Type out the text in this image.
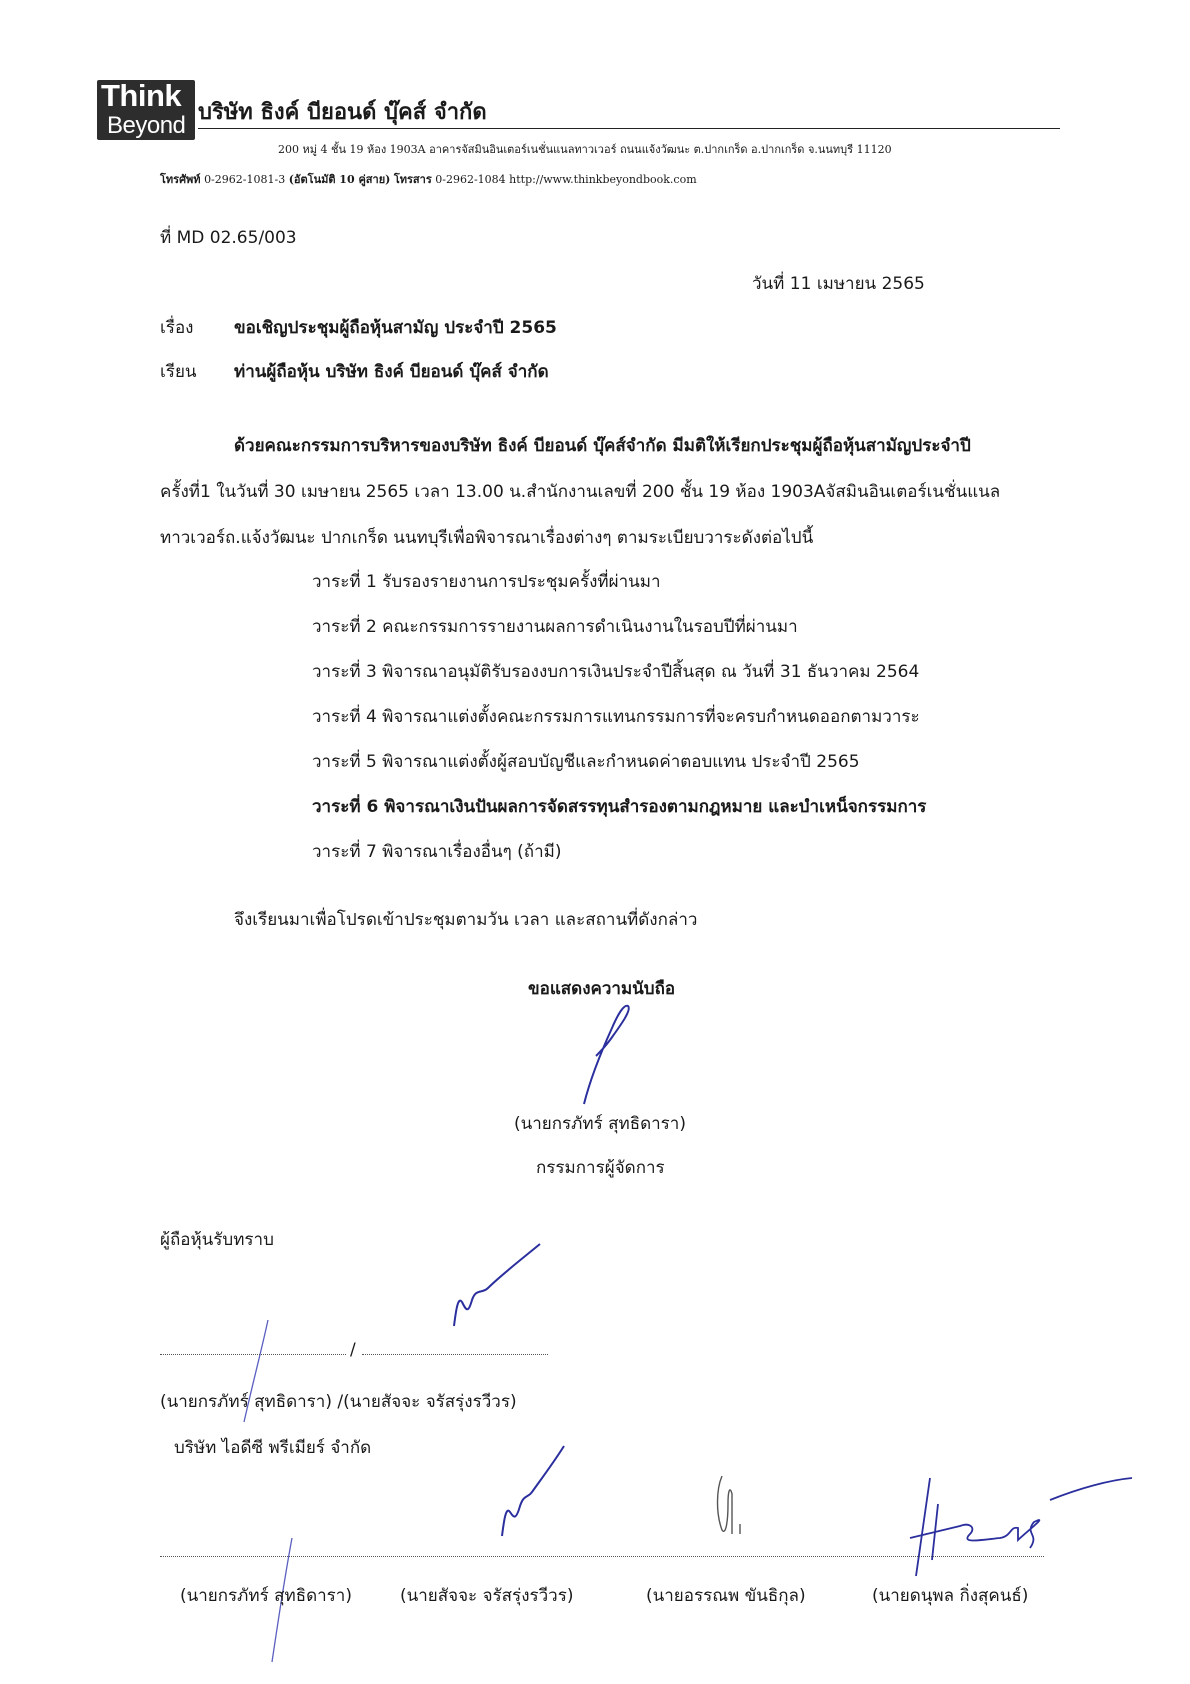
Think
Beyond บริษัท ธิงค์ บียอนด์ บุ๊คส์ จำกัด
200 หมู่ 4 ชั้น 19 ห้อง 1903A อาคารจัสมินอินเตอร์เนชั่นแนลทาวเวอร์ ถนนแจ้งวัฒนะ ต.ปากเกร็ด อ.ปากเกร็ด จ.นนทบุรี 11120
โทรศัพท์ 0-2962-1081-3 (อัตโนมัติ 10 คู่สาย) โทรสาร 0-2962-1084 http://www.thinkbeyondbook.com
ที่ MD 02.65/003
วันที่ 11 เมษายน 2565
เรื่อง ขอเชิญประชุมผู้ถือหุ้นสามัญ ประจำปี 2565
เรียน ท่านผู้ถือหุ้น บริษัท ธิงค์ บียอนด์ บุ๊คส์ จำกัด
ด้วยคณะกรรมการบริหารของบริษัท ธิงค์ บียอนด์ บุ๊คส์จำกัด มีมติให้เรียกประชุมผู้ถือหุ้นสามัญประจำปี
ครั้งที่1 ในวันที่ 30 เมษายน 2565 เวลา 13.00 น.สำนักงานเลขที่ 200 ชั้น 19 ห้อง 1903Aจัสมินอินเตอร์เนชั่นแนล
ทาวเวอร์ถ.แจ้งวัฒนะ ปากเกร็ด นนทบุรีเพื่อพิจารณาเรื่องต่างๆ ตามระเบียบวาระดังต่อไปนี้
วาระที่ 1 รับรองรายงานการประชุมครั้งที่ผ่านมา
วาระที่ 2 คณะกรรมการรายงานผลการดำเนินงานในรอบปีที่ผ่านมา
วาระที่ 3 พิจารณาอนุมัติรับรองงบการเงินประจำปีสิ้นสุด ณ วันที่ 31 ธันวาคม 2564
วาระที่ 4 พิจารณาแต่งตั้งคณะกรรมการแทนกรรมการที่จะครบกำหนดออกตามวาระ
วาระที่ 5 พิจารณาแต่งตั้งผู้สอบบัญชีและกำหนดค่าตอบแทน ประจำปี 2565
วาระที่ 6 พิจารณาเงินปันผลการจัดสรรทุนสำรองตามกฎหมาย และบำเหน็จกรรมการ
วาระที่ 7 พิจารณาเรื่องอื่นๆ (ถ้ามี)
จึงเรียนมาเพื่อโปรดเข้าประชุมตามวัน เวลา และสถานที่ดังกล่าว
ขอแสดงความนับถือ
(นายกรภัทร์ สุทธิดารา)
กรรมการผู้จัดการ
ผู้ถือหุ้นรับทราบ
/
(นายกรภัทร์ สุทธิดารา) /(นายสัจจะ จรัสรุ่งรวีวร)
บริษัท ไอดีซี พรีเมียร์ จำกัด
(นายกรภัทร์ สุทธิดารา)	(นายสัจจะ จรัสรุ่งรวีวร)	(นายอรรณพ ขันธิกุล)	(นายดนุพล กิ่งสุคนธ์)
